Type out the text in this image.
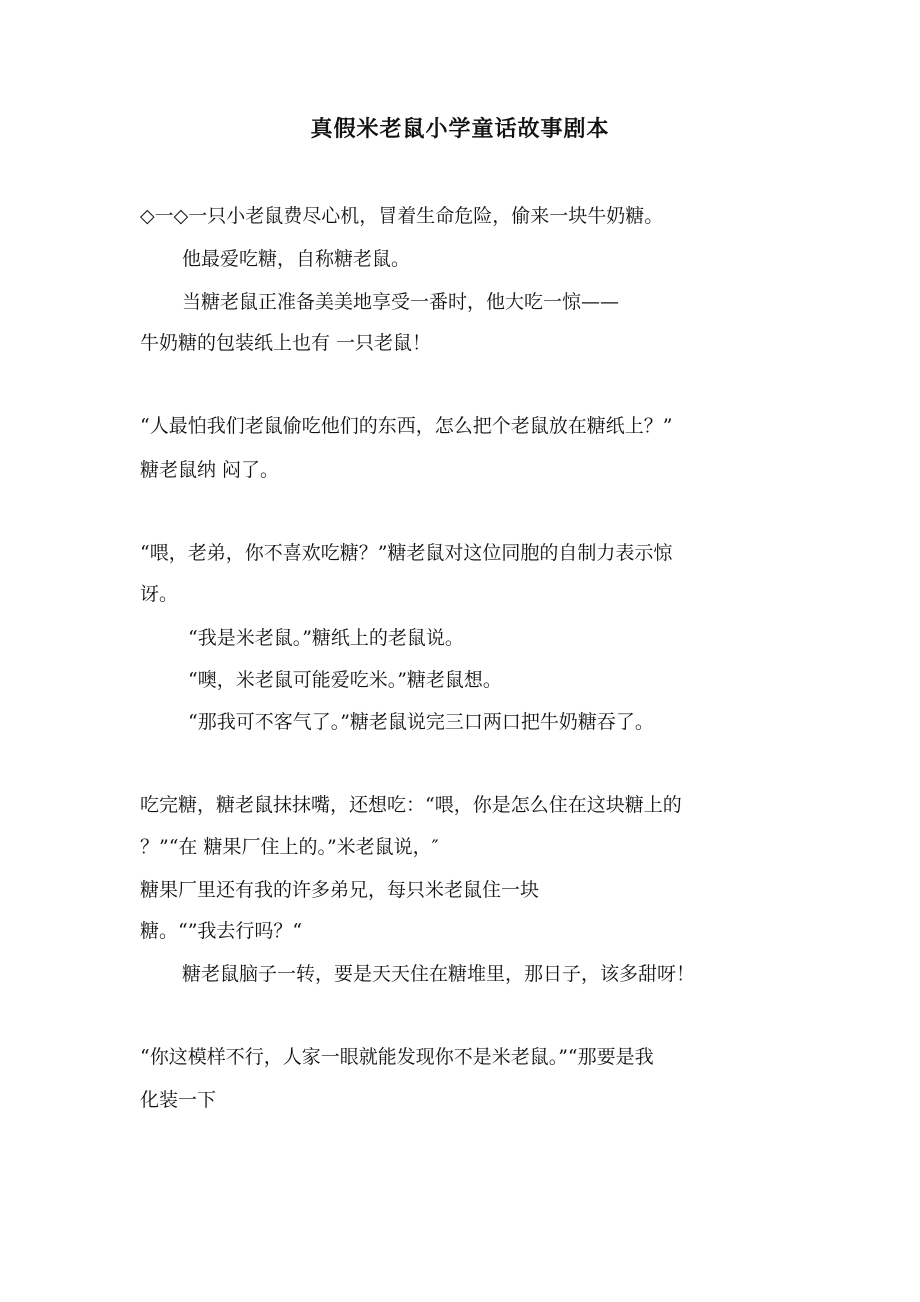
真假米老鼠小学童话故事剧本
◇一◇一只小老鼠费尽心机，冒着生命危险，偷来一块牛奶糖。
他最爱吃糖，自称糖老鼠。
当糖老鼠正准备美美地享受一番时，他大吃一惊——
牛奶糖的包装纸上也有 一只老鼠！
“人最怕我们老鼠偷吃他们的东西，怎么把个老鼠放在糖纸上？”
糖老鼠纳 闷了。
“喂，老弟，你不喜欢吃糖？”糖老鼠对这位同胞的自制力表示惊
讶。
“我是米老鼠。”糖纸上的老鼠说。
“噢，米老鼠可能爱吃米。”糖老鼠想。
“那我可不客气了。”糖老鼠说完三口两口把牛奶糖吞了。
吃完糖，糖老鼠抹抹嘴，还想吃：“喂，你是怎么住在这块糖上的
？”“在 糖果厂住上的。”米老鼠说，″
糖果厂里还有我的许多弟兄，每只米老鼠住一块
糖。“”我去行吗？“
糖老鼠脑子一转，要是天天住在糖堆里，那日子，该多甜呀！
“你这模样不行，人家一眼就能发现你不是米老鼠。”“那要是我
化装一下
